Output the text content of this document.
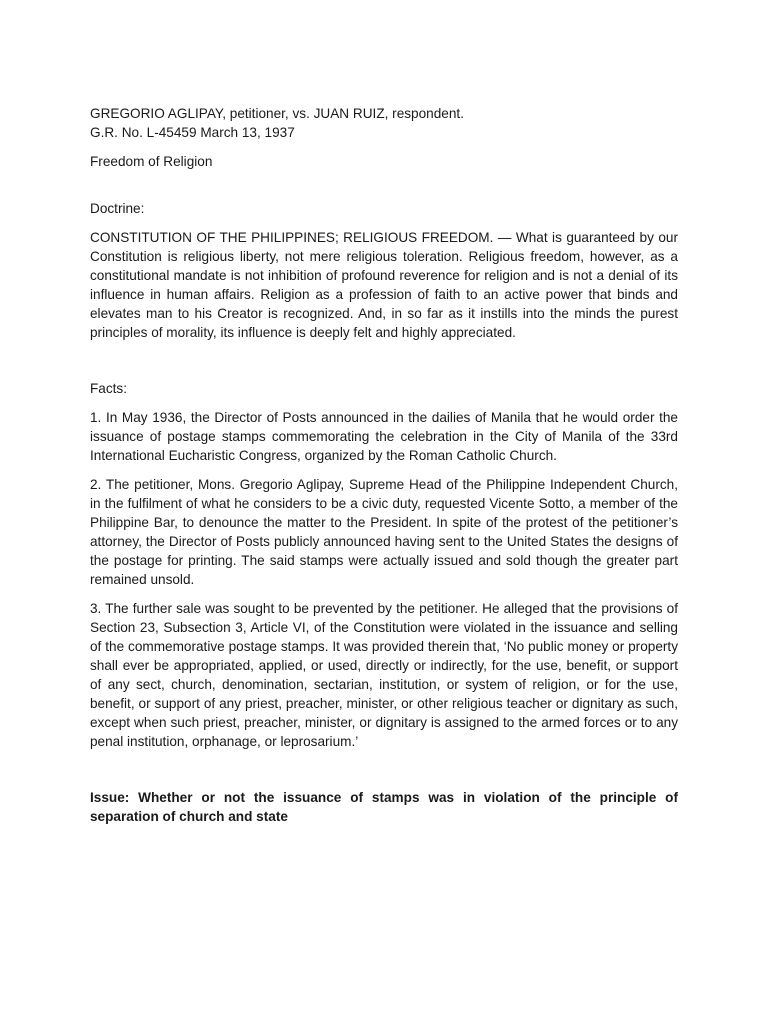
GREGORIO AGLIPAY, petitioner, vs. JUAN RUIZ, respondent.
G.R. No. L-45459 March 13, 1937
Freedom of Religion
Doctrine:

CONSTITUTION OF THE PHILIPPINES; RELIGIOUS FREEDOM. — What is guaranteed by our Constitution is religious liberty, not mere religious toleration. Religious freedom, however, as a constitutional mandate is not inhibition of profound reverence for religion and is not a denial of its influence in human affairs. Religion as a profession of faith to an active power that binds and elevates man to his Creator is recognized. And, in so far as it instills into the minds the purest principles of morality, its influence is deeply felt and highly appreciated.

Facts:

1. In May 1936, the Director of Posts announced in the dailies of Manila that he would order the issuance of postage stamps commemorating the celebration in the City of Manila of the 33rd International Eucharistic Congress, organized by the Roman Catholic Church.

2. The petitioner, Mons. Gregorio Aglipay, Supreme Head of the Philippine Independent Church, in the fulfilment of what he considers to be a civic duty, requested Vicente Sotto, a member of the Philippine Bar, to denounce the matter to the President. In spite of the protest of the petitioner’s attorney, the Director of Posts publicly announced having sent to the United States the designs of the postage for printing. The said stamps were actually issued and sold though the greater part remained unsold.

3. The further sale was sought to be prevented by the petitioner. He alleged that the provisions of Section 23, Subsection 3, Article VI, of the Constitution were violated in the issuance and selling of the commemorative postage stamps. It was provided therein that, ‘No public money or property shall ever be appropriated, applied, or used, directly or indirectly, for the use, benefit, or support of any sect, church, denomination, sectarian, institution, or system of religion, or for the use, benefit, or support of any priest, preacher, minister, or other religious teacher or dignitary as such, except when such priest, preacher, minister, or dignitary is assigned to the armed forces or to any penal institution, orphanage, or leprosarium.’

Issue: Whether or not the issuance of stamps was in violation of the principle of separation of church and state
